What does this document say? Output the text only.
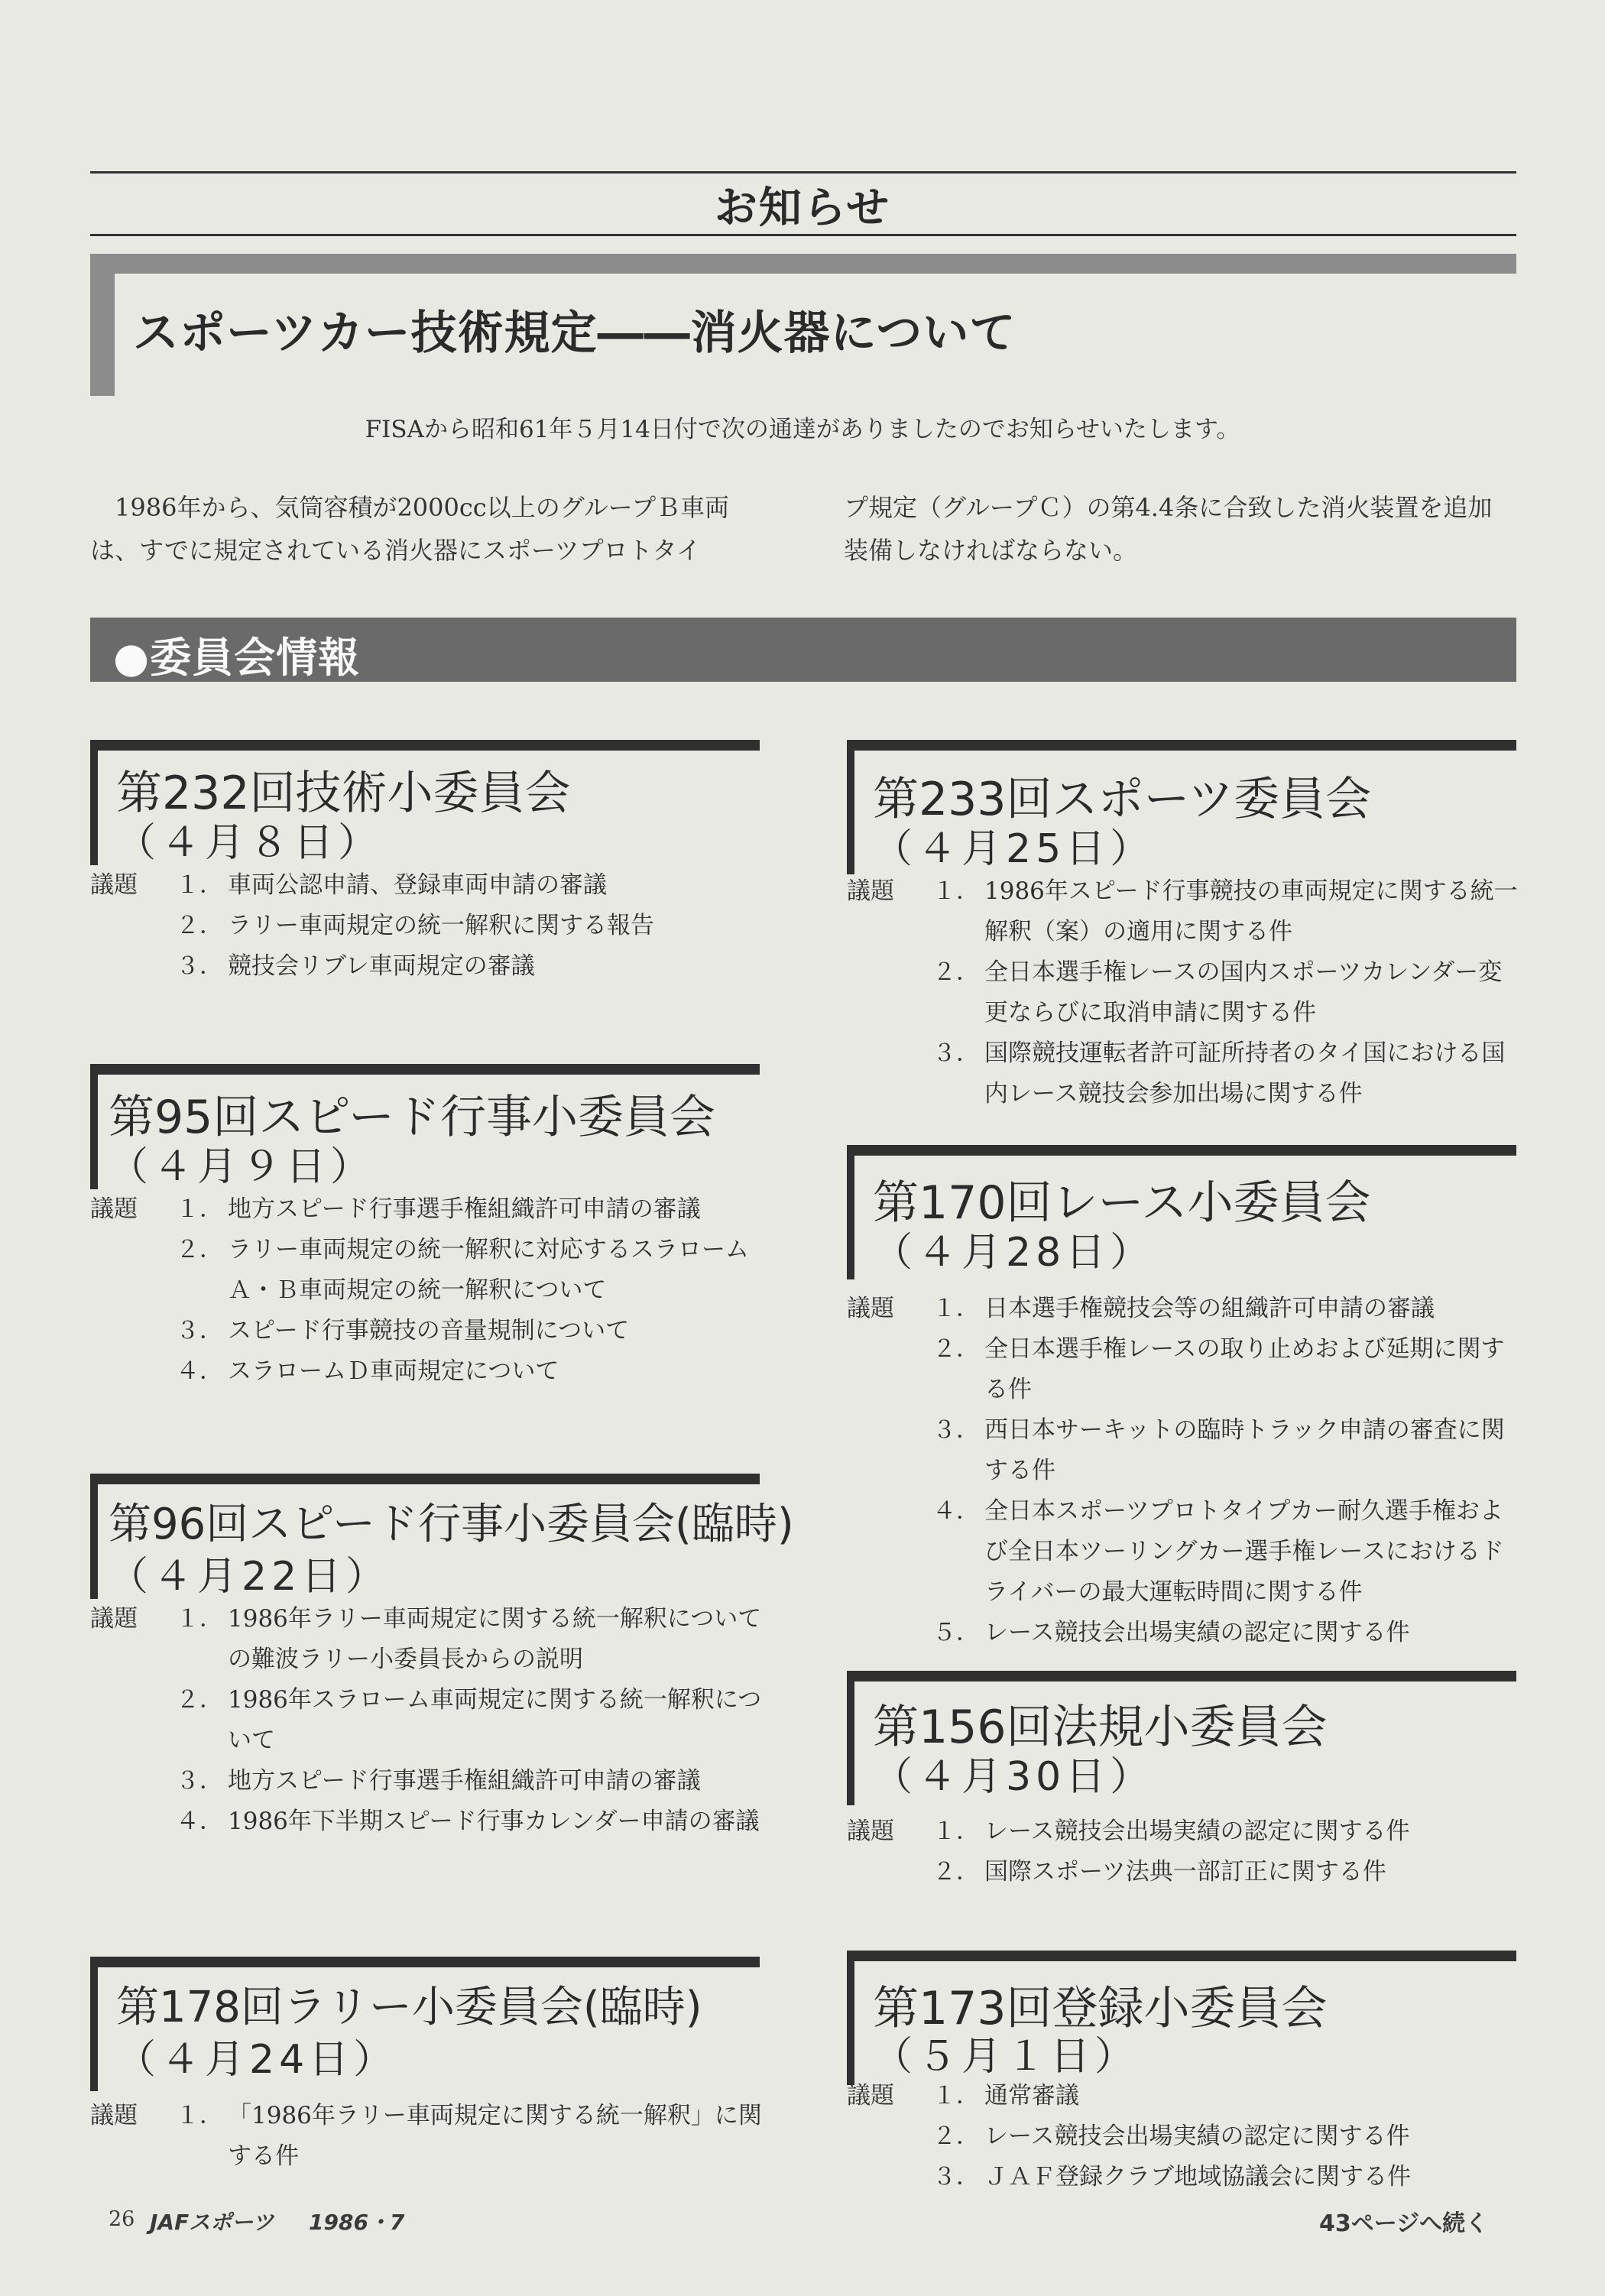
お知らせ
スポーツカー技術規定――消火器について
FISAから昭和61年５月14日付で次の通達がありましたのでお知らせいたします。
1986年から、気筒容積が2000cc以上のグループＢ車両は、すでに規定されている消火器にスポーツプロトタイ
プ規定（グループＣ）の第4.4条に合致した消火装置を追加装備しなければならない。
●委員会情報
第232回技術小委員会
（４月８日）
議題 １． 車両公認申請、登録車両申請の審議
２． ラリー車両規定の統一解釈に関する報告
３． 競技会リブレ車両規定の審議
第95回スピード行事小委員会
（４月９日）
議題 １． 地方スピード行事選手権組織許可申請の審議
２． ラリー車両規定の統一解釈に対応するスラロームＡ・Ｂ車両規定の統一解釈について
３． スピード行事競技の音量規制について
４． スラロームＤ車両規定について
第96回スピード行事小委員会(臨時)
（４月22日）
議題 １． 1986年ラリー車両規定に関する統一解釈についての難波ラリー小委員長からの説明
２． 1986年スラローム車両規定に関する統一解釈について
３． 地方スピード行事選手権組織許可申請の審議
４． 1986年下半期スピード行事カレンダー申請の審議
第178回ラリー小委員会(臨時)
（４月24日）
議題 １． 「1986年ラリー車両規定に関する統一解釈」に関する件
第233回スポーツ委員会
（４月25日）
議題 １． 1986年スピード行事競技の車両規定に関する統一解釈（案）の適用に関する件
２． 全日本選手権レースの国内スポーツカレンダー変更ならびに取消申請に関する件
３． 国際競技運転者許可証所持者のタイ国における国内レース競技会参加出場に関する件
第170回レース小委員会
（４月28日）
議題 １． 日本選手権競技会等の組織許可申請の審議
２． 全日本選手権レースの取り止めおよび延期に関する件
３． 西日本サーキットの臨時トラック申請の審査に関する件
４． 全日本スポーツプロトタイプカー耐久選手権および全日本ツーリングカー選手権レースにおけるドライバーの最大運転時間に関する件
５． レース競技会出場実績の認定に関する件
第156回法規小委員会
（４月30日）
議題 １． レース競技会出場実績の認定に関する件
２． 国際スポーツ法典一部訂正に関する件
第173回登録小委員会
（５月１日）
議題 １． 通常審議
２． レース競技会出場実績の認定に関する件
３． ＪＡＦ登録クラブ地域協議会に関する件
26 JAFスポーツ 1986・7	43ページへ続く
